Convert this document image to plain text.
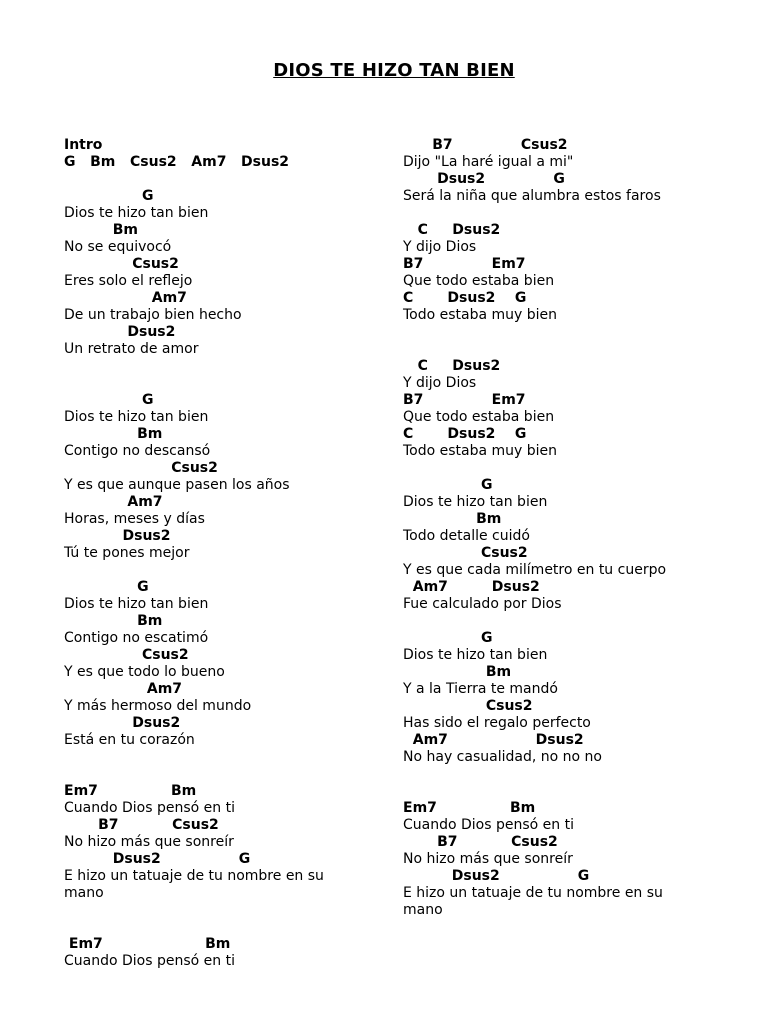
DIOS TE HIZO TAN BIEN
Intro
G   Bm   Csus2   Am7   Dsus2
G
Dios te hizo tan bien
Bm
No se equivocó
Csus2
Eres solo el reflejo
Am7
De un trabajo bien hecho
Dsus2
Un retrato de amor
G
Dios te hizo tan bien
Bm
Contigo no descansó
Csus2
Y es que aunque pasen los años
Am7
Horas, meses y días
Dsus2
Tú te pones mejor
G
Dios te hizo tan bien
Bm
Contigo no escatimó
Csus2
Y es que todo lo bueno
Am7
Y más hermoso del mundo
Dsus2
Está en tu corazón
Em7               Bm
Cuando Dios pensó en ti
B7           Csus2
No hizo más que sonreír
Dsus2                G
E hizo un tatuaje de tu nombre en su
mano
Em7                     Bm
Cuando Dios pensó en ti
B7              Csus2
Dijo "La haré igual a mi"
Dsus2              G
Será la niña que alumbra estos faros
C     Dsus2
Y dijo Dios
B7              Em7
Que todo estaba bien
C       Dsus2    G
Todo estaba muy bien
C     Dsus2
Y dijo Dios
B7              Em7
Que todo estaba bien
C       Dsus2    G
Todo estaba muy bien
G
Dios te hizo tan bien
Bm
Todo detalle cuidó
Csus2
Y es que cada milímetro en tu cuerpo
Am7         Dsus2
Fue calculado por Dios
G
Dios te hizo tan bien
Bm
Y a la Tierra te mandó
Csus2
Has sido el regalo perfecto
Am7                  Dsus2
No hay casualidad, no no no
Em7               Bm
Cuando Dios pensó en ti
B7           Csus2
No hizo más que sonreír
Dsus2                G
E hizo un tatuaje de tu nombre en su
mano
